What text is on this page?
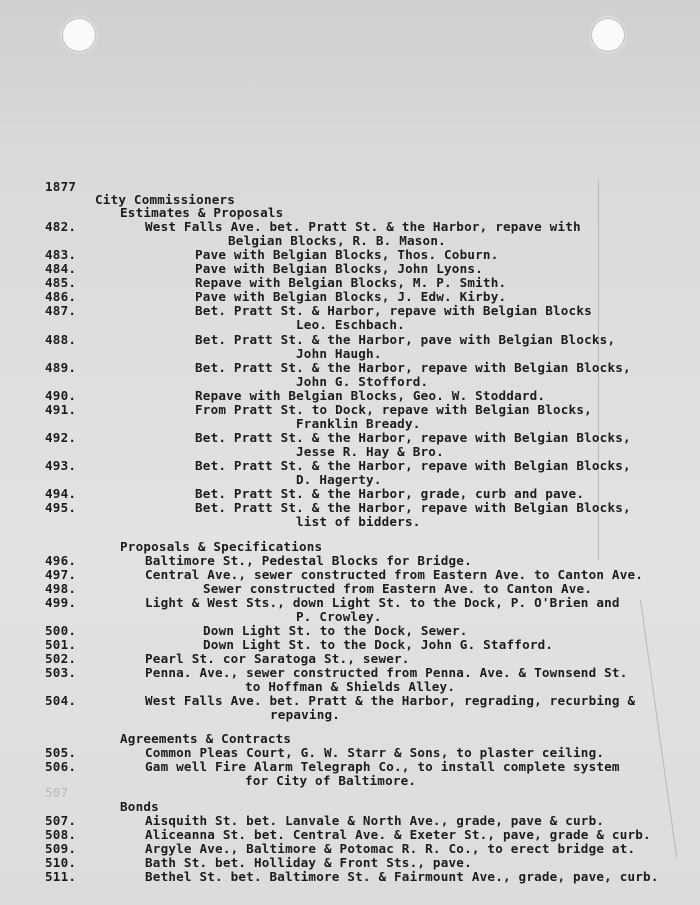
1877
City Commissioners
Estimates & Proposals
482.	West Falls Ave. bet. Pratt St. & the Harbor, repave with
Belgian Blocks, R. B. Mason.
483.	Pave with Belgian Blocks, Thos. Coburn.
484.	Pave with Belgian Blocks, John Lyons.
485.	Repave with Belgian Blocks, M. P. Smith.
486.	Pave with Belgian Blocks, J. Edw. Kirby.
487.	Bet. Pratt St. & Harbor, repave with Belgian Blocks
Leo. Eschbach.
488.	Bet. Pratt St. & the Harbor, pave with Belgian Blocks,
John Haugh.
489.	Bet. Pratt St. & the Harbor, repave with Belgian Blocks,
John G. Stofford.
490.	Repave with Belgian Blocks, Geo. W. Stoddard.
491.	From Pratt St. to Dock, repave with Belgian Blocks,
Franklin Bready.
492.	Bet. Pratt St. & the Harbor, repave with Belgian Blocks,
Jesse R. Hay & Bro.
493.	Bet. Pratt St. & the Harbor, repave with Belgian Blocks,
D. Hagerty.
494.	Bet. Pratt St. & the Harbor, grade, curb and pave.
495.	Bet. Pratt St. & the Harbor, repave with Belgian Blocks,
list of bidders.
Proposals & Specifications
496.	Baltimore St., Pedestal Blocks for Bridge.
497.	Central Ave., sewer constructed from Eastern Ave. to Canton Ave.
498.	Sewer constructed from Eastern Ave. to Canton Ave.
499.	Light & West Sts., down Light St. to the Dock, P. O'Brien and
P. Crowley.
500.	Down Light St. to the Dock, Sewer.
501.	Down Light St. to the Dock, John G. Stafford.
502.	Pearl St. cor Saratoga St., sewer.
503.	Penna. Ave., sewer constructed from Penna. Ave. & Townsend St.
to Hoffman & Shields Alley.
504.	West Falls Ave. bet. Pratt & the Harbor, regrading, recurbing &
repaving.
Agreements & Contracts
505.	Common Pleas Court, G. W. Starr & Sons, to plaster ceiling.
506.	Gam well Fire Alarm Telegraph Co., to install complete system
for City of Baltimore.
507
Bonds
507.	Aisquith St. bet. Lanvale & North Ave., grade, pave & curb.
508.	Aliceanna St. bet. Central Ave. & Exeter St., pave, grade & curb.
509.	Argyle Ave., Baltimore & Potomac R. R. Co., to erect bridge at.
510.	Bath St. bet. Holliday & Front Sts., pave.
511.	Bethel St. bet. Baltimore St. & Fairmount Ave., grade, pave, curb.
